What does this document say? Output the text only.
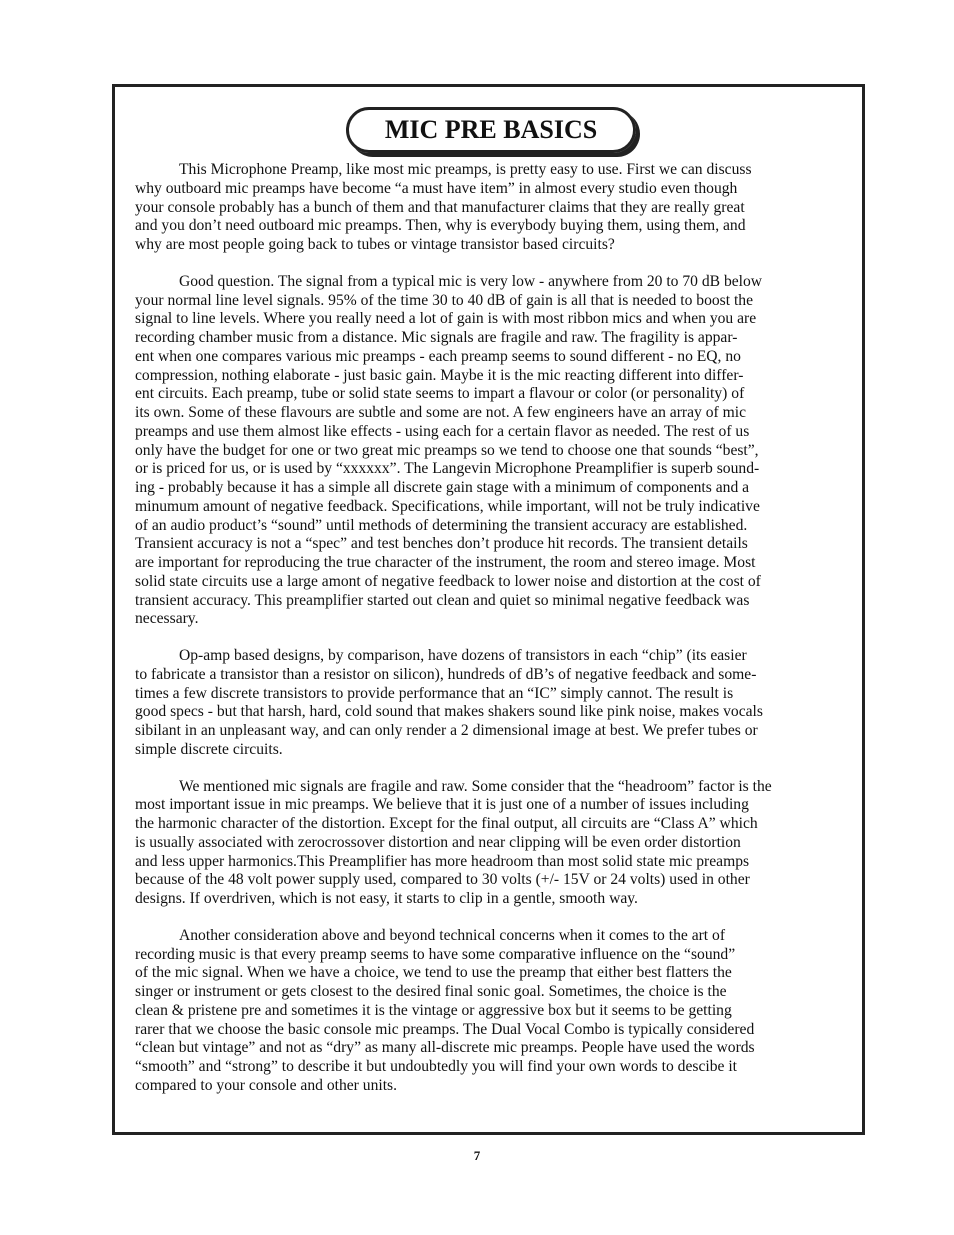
MIC PRE BASICS

This Microphone Preamp, like most mic preamps, is pretty easy to use. First we can discuss
why outboard mic preamps have become “a must have item” in almost every studio even though
your console probably has a bunch of them and that manufacturer claims that they are really great
and you don’t need outboard mic preamps. Then, why is everybody buying them, using them, and
why are most people going back to tubes or vintage transistor based circuits?

Good question. The signal from a typical mic is very low - anywhere from 20 to 70 dB below
your normal line level signals. 95% of the time 30 to 40 dB of gain is all that is needed to boost the
signal to line levels. Where you really need a lot of gain is with most ribbon mics and when you are
recording chamber music from a distance. Mic signals are fragile and raw. The fragility is appar-
ent when one compares various mic preamps - each preamp seems to sound different - no EQ, no
compression, nothing elaborate - just basic gain. Maybe it is the mic reacting different into differ-
ent circuits. Each preamp, tube or solid state seems to impart a flavour or color (or personality) of
its own. Some of these flavours are subtle and some are not. A few engineers have an array of mic
preamps and use them almost like effects - using each for a certain flavor as needed. The rest of us
only have the budget for one or two great mic preamps so we tend to choose one that sounds “best”,
or is priced for us, or is used by “xxxxxx”. The Langevin Microphone Preamplifier is superb sound-
ing - probably because it has a simple all discrete gain stage with a minimum of components and a
minumum amount of negative feedback. Specifications, while important, will not be truly indicative
of an audio product’s “sound” until methods of determining the transient accuracy are established.
Transient accuracy is not a “spec” and test benches don’t produce hit records. The transient details
are important for reproducing the true character of the instrument, the room and stereo image. Most
solid state circuits use a large amont of negative feedback to lower noise and distortion at the cost of
transient accuracy. This preamplifier started out clean and quiet so minimal negative feedback was
necessary.

Op-amp based designs, by comparison, have dozens of transistors in each “chip” (its easier
to fabricate a transistor than a resistor on silicon), hundreds of dB’s of negative feedback and some-
times a few discrete transistors to provide performance that an “IC” simply cannot. The result is
good specs - but that harsh, hard, cold sound that makes shakers sound like pink noise, makes vocals
sibilant in an unpleasant way, and can only render a 2 dimensional image at best. We prefer tubes or
simple discrete circuits.

We mentioned mic signals are fragile and raw. Some consider that the “headroom” factor is the
most important issue in mic preamps. We believe that it is just one of a number of issues including
the harmonic character of the distortion. Except for the final output, all circuits are “Class A” which
is usually associated with zerocrossover distortion and near clipping will be even order distortion
and less upper harmonics.This Preamplifier has more headroom than most solid state mic preamps
because of the 48 volt power supply used, compared to 30 volts (+/- 15V or 24 volts) used in other
designs. If overdriven, which is not easy, it starts to clip in a gentle, smooth way.

Another consideration above and beyond technical concerns when it comes to the art of
recording music is that every preamp seems to have some comparative influence on the “sound”
of the mic signal. When we have a choice, we tend to use the preamp that either best flatters the
singer or instrument or gets closest to the desired final sonic goal. Sometimes, the choice is the
clean & pristene pre and sometimes it is the vintage or aggressive box but it seems to be getting
rarer that we choose the basic console mic preamps. The Dual Vocal Combo is typically considered
“clean but vintage” and not as “dry” as many all-discrete mic preamps. People have used the words
“smooth” and “strong” to describe it but undoubtedly you will find your own words to descibe it
compared to your console and other units.

7
